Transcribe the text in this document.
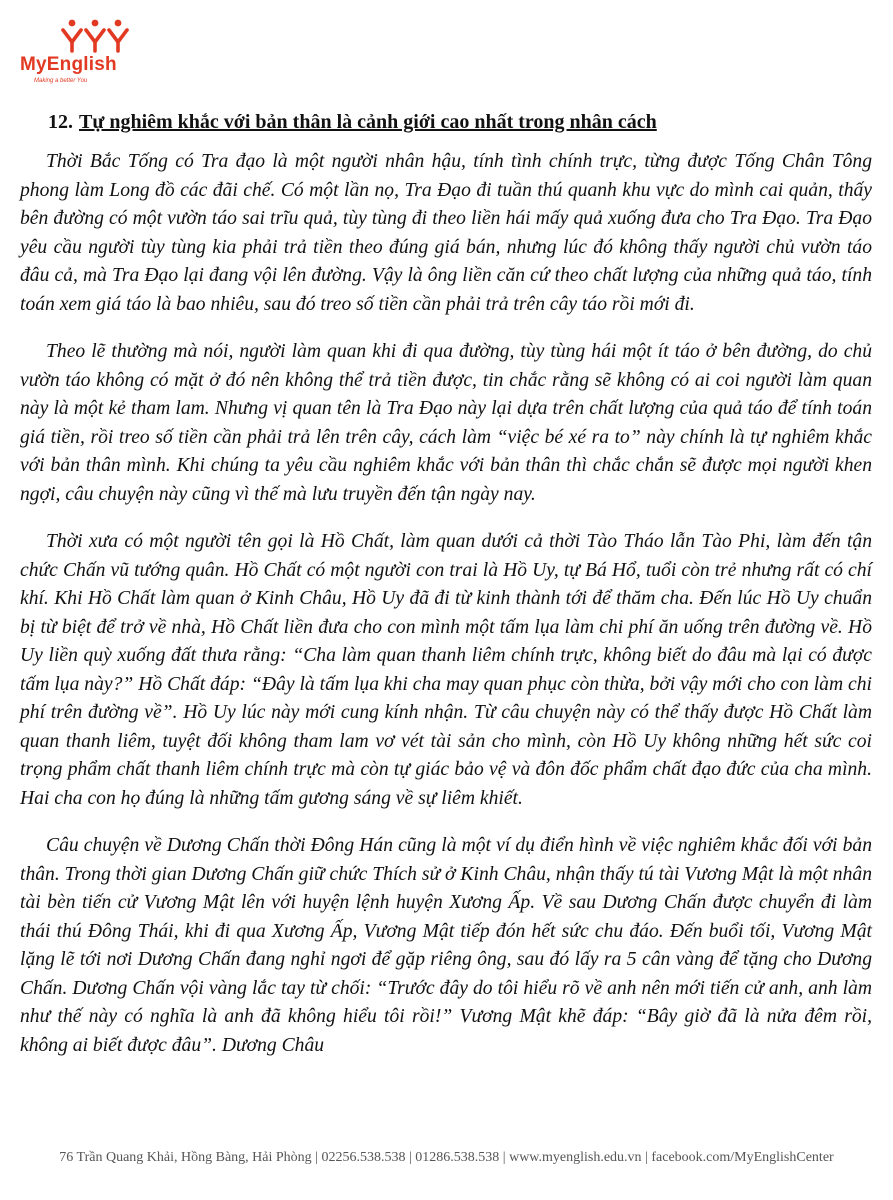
MyEnglish
Making a better You
12. Tự nghiêm khắc với bản thân là cảnh giới cao nhất trong nhân cách

Thời Bắc Tống có Tra đạo là một người nhân hậu, tính tình chính trực, từng được Tống Chân Tông phong làm Long đồ các đãi chế. Có một lần nọ, Tra Đạo đi tuần thú quanh khu vực do mình cai quản, thấy bên đường có một vườn táo sai trĩu quả, tùy tùng đi theo liền hái mấy quả xuống đưa cho Tra Đạo. Tra Đạo yêu cầu người tùy tùng kia phải trả tiền theo đúng giá bán, nhưng lúc đó không thấy người chủ vườn táo đâu cả, mà Tra Đạo lại đang vội lên đường. Vậy là ông liền căn cứ theo chất lượng của những quả táo, tính toán xem giá táo là bao nhiêu, sau đó treo số tiền cần phải trả trên cây táo rồi mới đi.

Theo lẽ thường mà nói, người làm quan khi đi qua đường, tùy tùng hái một ít táo ở bên đường, do chủ vườn táo không có mặt ở đó nên không thể trả tiền được, tin chắc rằng sẽ không có ai coi người làm quan này là một kẻ tham lam. Nhưng vị quan tên là Tra Đạo này lại dựa trên chất lượng của quả táo để tính toán giá tiền, rồi treo số tiền cần phải trả lên trên cây, cách làm “việc bé xé ra to” này chính là tự nghiêm khắc với bản thân mình. Khi chúng ta yêu cầu nghiêm khắc với bản thân thì chắc chắn sẽ được mọi người khen ngợi, câu chuyện này cũng vì thế mà lưu truyền đến tận ngày nay.

Thời xưa có một người tên gọi là Hồ Chất, làm quan dưới cả thời Tào Tháo lẫn Tào Phi, làm đến tận chức Chấn vũ tướng quân. Hồ Chất có một người con trai là Hồ Uy, tự Bá Hổ, tuổi còn trẻ nhưng rất có chí khí. Khi Hồ Chất làm quan ở Kinh Châu, Hồ Uy đã đi từ kinh thành tới để thăm cha. Đến lúc Hồ Uy chuẩn bị từ biệt để trở về nhà, Hồ Chất liền đưa cho con mình một tấm lụa làm chi phí ăn uống trên đường về. Hồ Uy liền quỳ xuống đất thưa rằng: “Cha làm quan thanh liêm chính trực, không biết do đâu mà lại có được tấm lụa này?” Hồ Chất đáp: “Đây là tấm lụa khi cha may quan phục còn thừa, bởi vậy mới cho con làm chi phí trên đường về”. Hồ Uy lúc này mới cung kính nhận. Từ câu chuyện này có thể thấy được Hồ Chất làm quan thanh liêm, tuyệt đối không tham lam vơ vét tài sản cho mình, còn Hồ Uy không những hết sức coi trọng phẩm chất thanh liêm chính trực mà còn tự giác bảo vệ và đôn đốc phẩm chất đạo đức của cha mình. Hai cha con họ đúng là những tấm gương sáng về sự liêm khiết.

Câu chuyện về Dương Chấn thời Đông Hán cũng là một ví dụ điển hình về việc nghiêm khắc đối với bản thân. Trong thời gian Dương Chấn giữ chức Thích sử ở Kinh Châu, nhận thấy tú tài Vương Mật là một nhân tài bèn tiến cử Vương Mật lên với huyện lệnh huyện Xương Ấp. Về sau Dương Chấn được chuyển đi làm thái thú Đông Thái, khi đi qua Xương Ấp, Vương Mật tiếp đón hết sức chu đáo. Đến buổi tối, Vương Mật lặng lẽ tới nơi Dương Chấn đang nghỉ ngơi để gặp riêng ông, sau đó lấy ra 5 cân vàng để tặng cho Dương Chấn. Dương Chấn vội vàng lắc tay từ chối: “Trước đây do tôi hiểu rõ về anh nên mới tiến cử anh, anh làm như thế này có nghĩa là anh đã không hiểu tôi rồi!” Vương Mật khẽ đáp: “Bây giờ đã là nửa đêm rồi, không ai biết được đâu”. Dương Châu

76 Trần Quang Khải, Hồng Bàng, Hải Phòng | 02256.538.538 | 01286.538.538 | www.myenglish.edu.vn | facebook.com/MyEnglishCenter
